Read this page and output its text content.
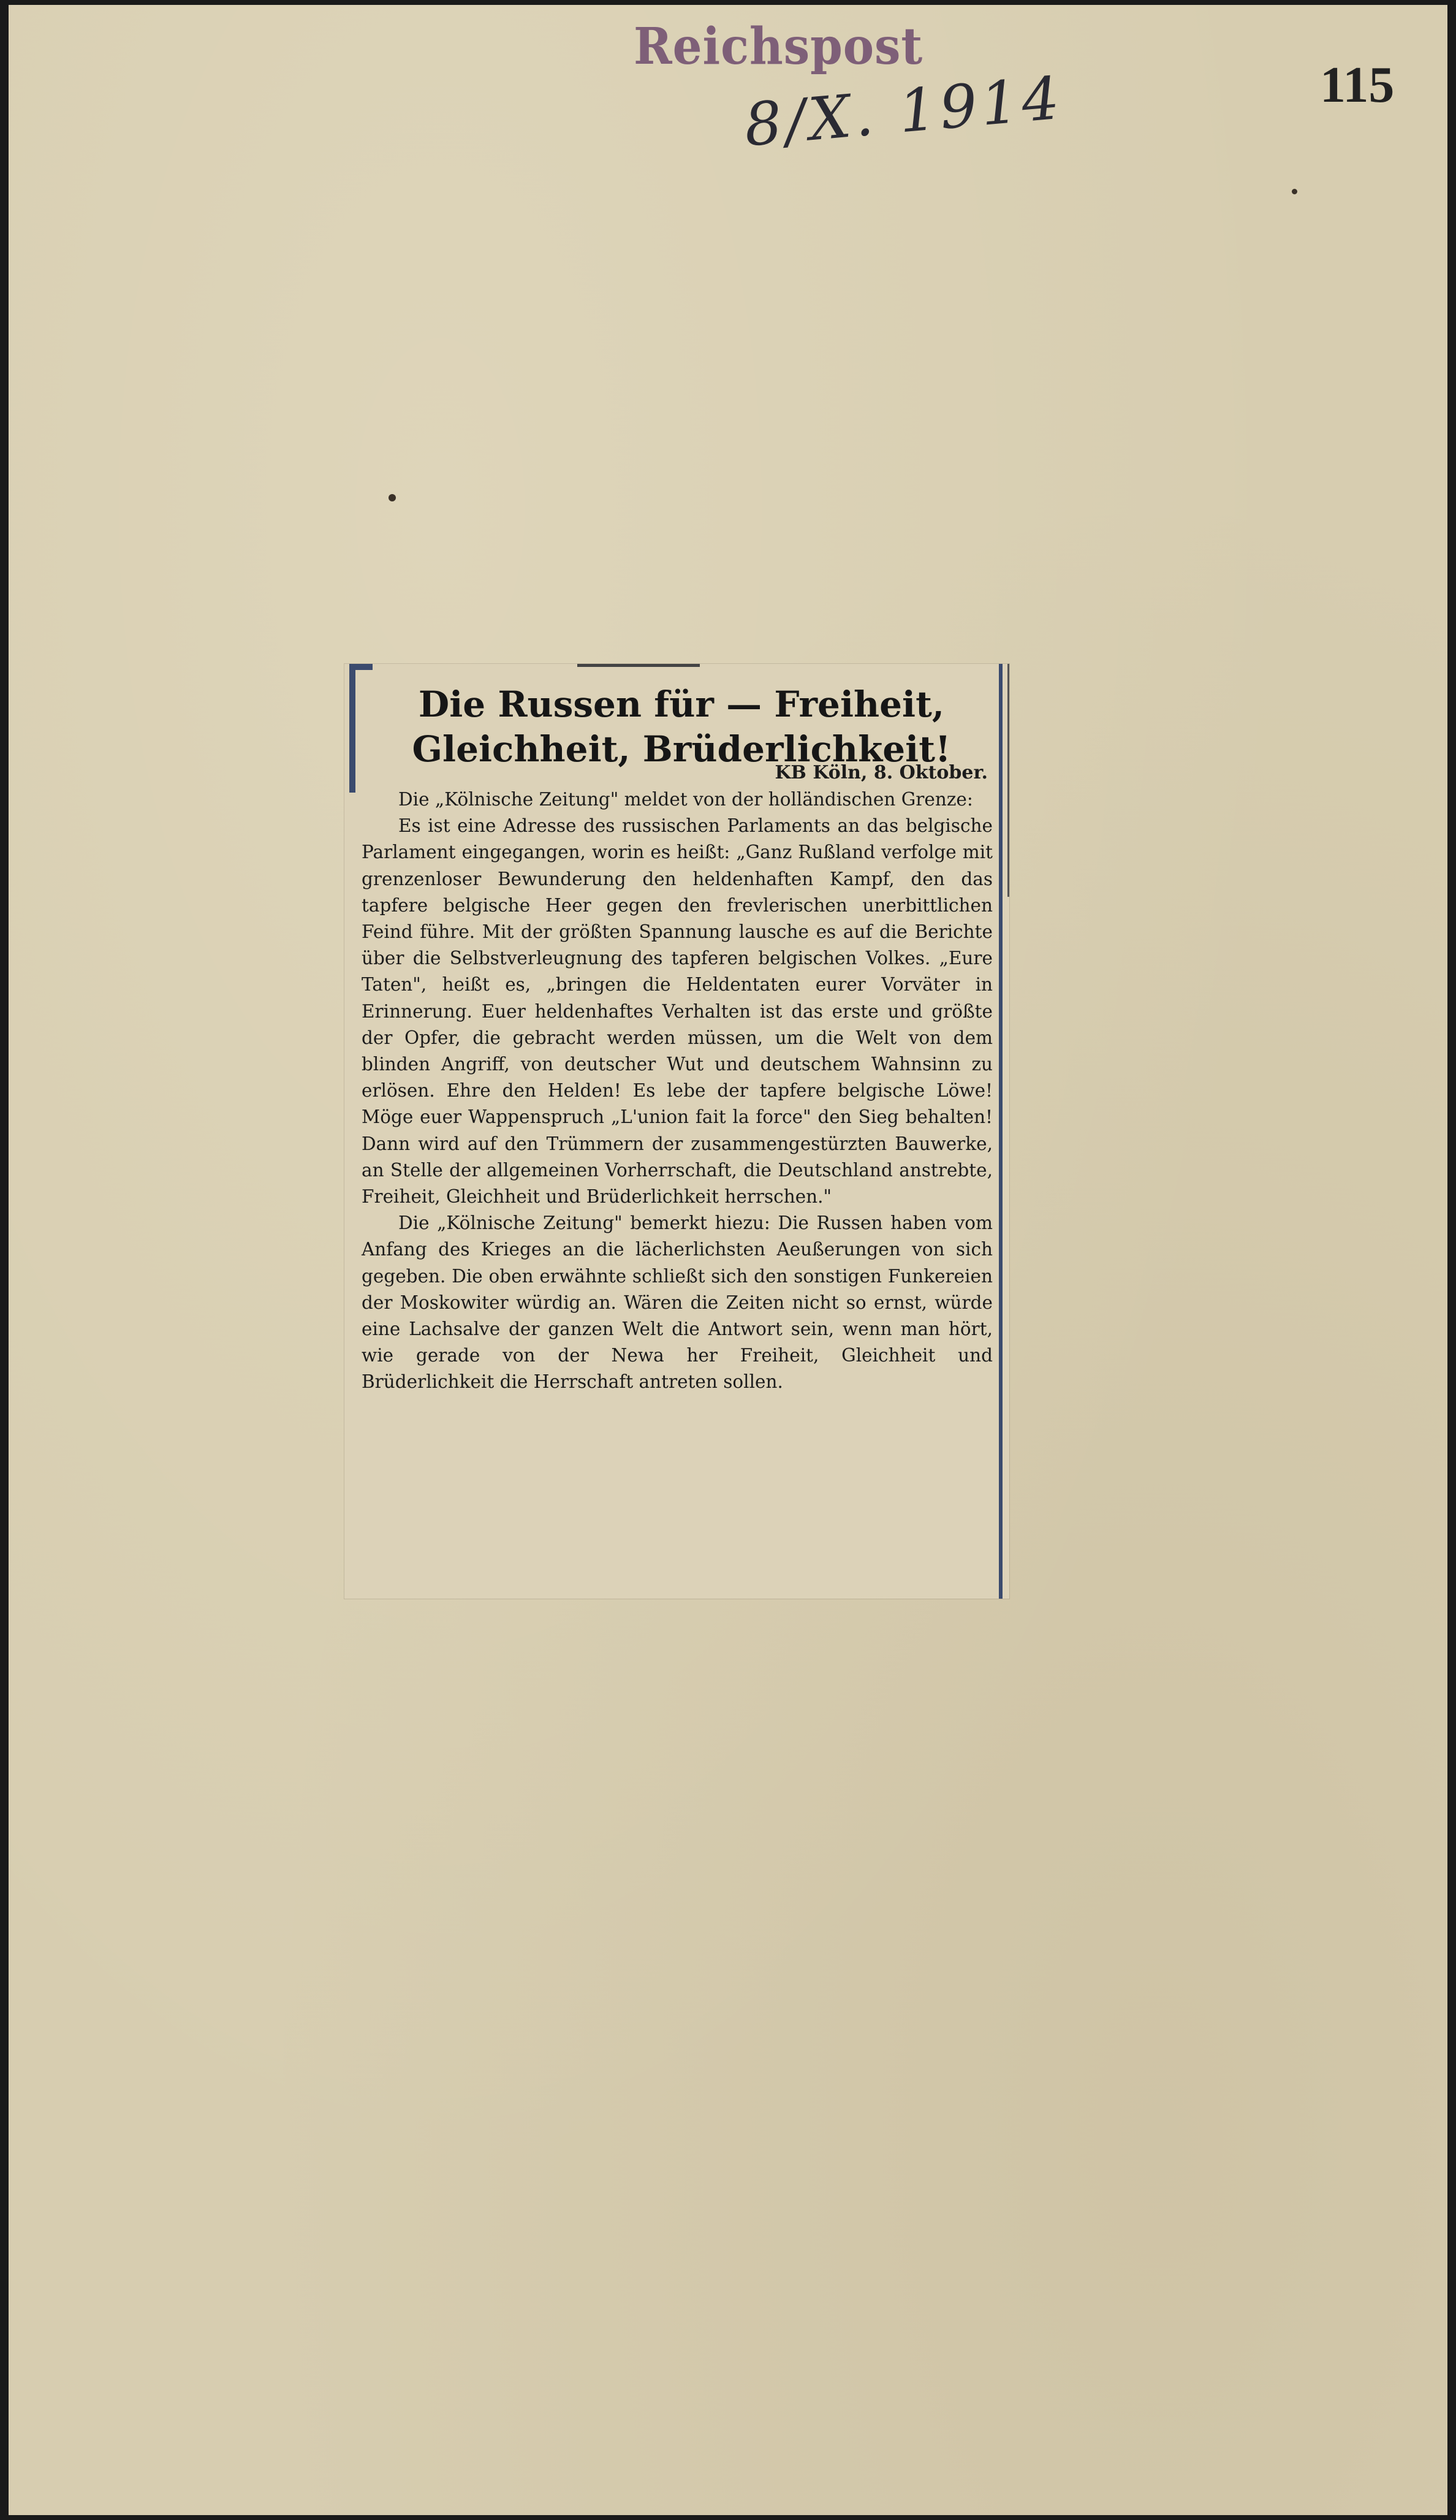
Reichspost
8/X. 1914	115
Die Russen für — Freiheit, Gleichheit, Brüderlichkeit!
KB Köln, 8. Oktober.

Die „Kölnische Zeitung" meldet von der holländischen Grenze:

Es ist eine Adresse des russischen Parlaments an das belgische Parlament eingegangen, worin es heißt: „Ganz Rußland verfolge mit grenzenloser Bewunderung den heldenhaften Kampf, den das tapfere belgische Heer gegen den frevlerischen unerbittlichen Feind führe. Mit der größten Spannung lausche es auf die Berichte über die Selbstverleugnung des tapferen belgischen Volkes. „Eure Taten", heißt es, „bringen die Heldentaten eurer Vorväter in Erinnerung. Euer heldenhaftes Verhalten ist das erste und größte der Opfer, die gebracht werden müssen, um die Welt von dem blinden Angriff, von deutscher Wut und deutschem Wahnsinn zu erlösen. Ehre den Helden! Es lebe der tapfere belgische Löwe! Möge euer Wappenspruch „L'union fait la force" den Sieg behalten! Dann wird auf den Trümmern der zusammengestürzten Bauwerke, an Stelle der allgemeinen Vorherrschaft, die Deutschland anstrebte, Freiheit, Gleichheit und Brüderlichkeit herrschen."

Die „Kölnische Zeitung" bemerkt hiezu: Die Russen haben vom Anfang des Krieges an die lächerlichsten Aeußerungen von sich gegeben. Die oben erwähnte schließt sich den sonstigen Funkereien der Moskowiter würdig an. Wären die Zeiten nicht so ernst, würde eine Lachsalve der ganzen Welt die Antwort sein, wenn man hört, wie gerade von der Newa her Freiheit, Gleichheit und Brüderlichkeit die Herrschaft antreten sollen.
